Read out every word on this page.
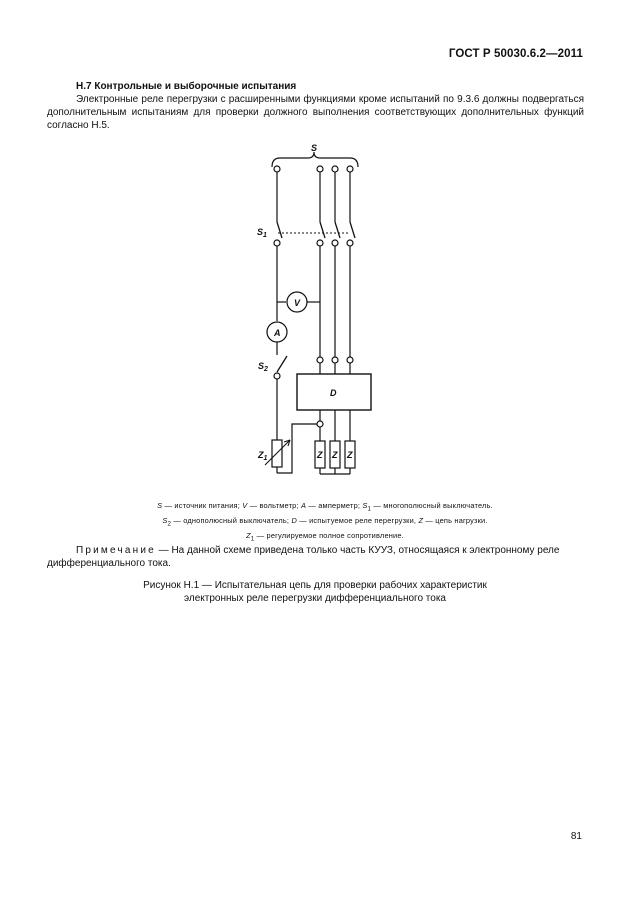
ГОСТ Р 50030.6.2—2011
Н.7 Контрольные и выборочные испытания
Электронные реле перегрузки с расширенными функциями кроме испытаний по 9.3.6 должны подвергаться дополнительным испытаниям для проверки должного выполнения соответствующих дополнительных функций согласно Н.5.
S
$S_1$
V
A
$S_2$
D
$Z_1$	Z Z Z
S — источник питания; V — вольтметр; A — амперметр; $S_1$ — многополюсный выключатель.
$S_2$ — однополюсный выключатель; D — испытуемое реле перегрузки, Z — цепь нагрузки.
$Z_1$ — регулируемое полное сопротивление.
Примечание — На данной схеме приведена только часть КУУЗ, относящаяся к электронному реле дифференциального тока.
Рисунок Н.1 — Испытательная цепь для проверки рабочих характеристик
электронных реле перегрузки дифференциального тока
81
